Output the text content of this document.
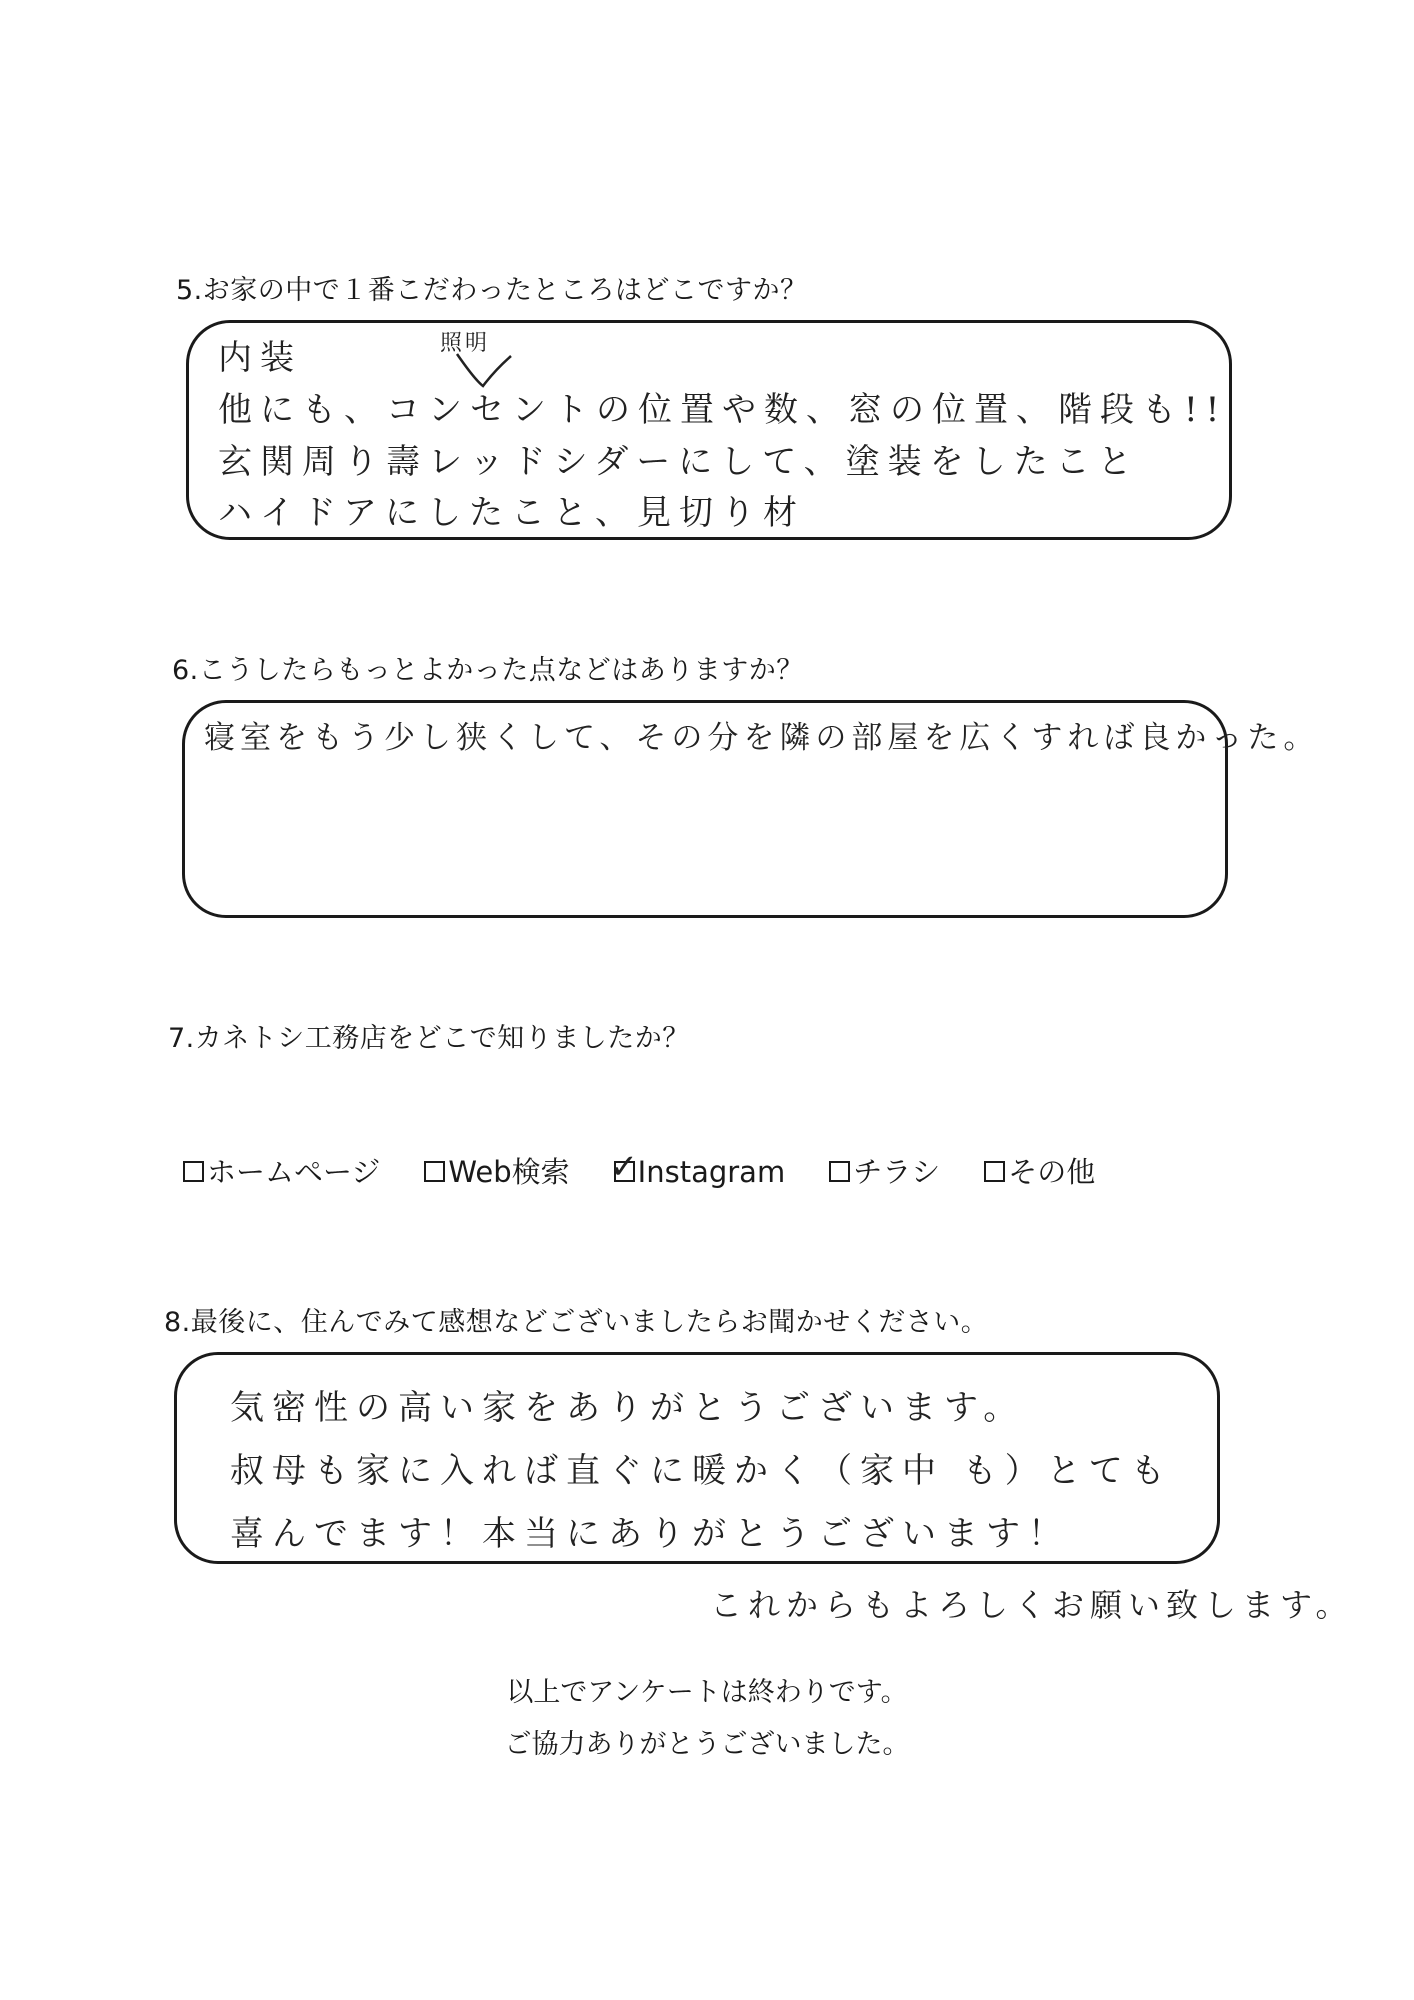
5.お家の中で１番こだわったところはどこですか？
内装	照明
他にも、コンセントの位置や数、窓の位置、階段も!!
玄関周り壽レッドシダーにして、塗装をしたこと
ハイドアにしたこと、見切り材
6.こうしたらもっとよかった点などはありますか？
寝室をもう少し狭くして、その分を隣の部屋を広くすれば良かった。
7.カネトシ工務店をどこで知りましたか？
ホームページ Web検索 ✓ Instagram チラシ その他
8.最後に、住んでみて感想などございましたらお聞かせください。
気密性の高い家をありがとうございます。
叔母も家に入れば直ぐに暖かく（家中 も）とても
喜んでます！本当にありがとうございます！
これからもよろしくお願い致します。
以上でアンケートは終わりです。
ご協力ありがとうございました。
